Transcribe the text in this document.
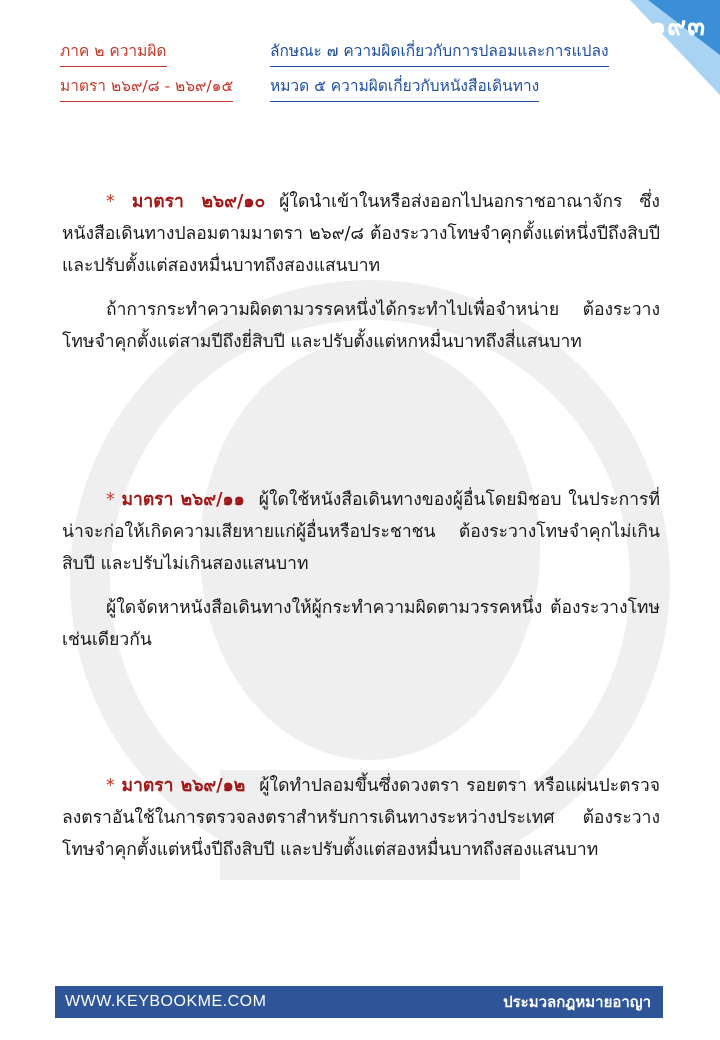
๑๙๓
ภาค ๒ ความผิด
มาตรา ๒๖๙/๘ - ๒๖๙/๑๕
ลักษณะ ๗ ความผิดเกี่ยวกับการปลอมและการแปลง
หมวด ๕ ความผิดเกี่ยวกับหนังสือเดินทาง

* มาตรา ๒๖๙/๑๐ ผู้ใดนำเข้าในหรือส่งออกไปนอกราชอาณาจักร ซึ่งหนังสือเดินทางปลอมตามมาตรา ๒๖๙/๘ ต้องระวางโทษจำคุกตั้งแต่หนึ่งปีถึงสิบปี และปรับตั้งแต่สองหมื่นบาทถึงสองแสนบาท

ถ้าการกระทำความผิดตามวรรคหนึ่งได้กระทำไปเพื่อจำหน่าย ต้องระวางโทษจำคุกตั้งแต่สามปีถึงยี่สิบปี และปรับตั้งแต่หกหมื่นบาทถึงสี่แสนบาท

* มาตรา ๒๖๙/๑๑ ผู้ใดใช้หนังสือเดินทางของผู้อื่นโดยมิชอบ ในประการที่น่าจะก่อให้เกิดความเสียหายแก่ผู้อื่นหรือประชาชน ต้องระวางโทษจำคุกไม่เกินสิบปี และปรับไม่เกินสองแสนบาท

ผู้ใดจัดหาหนังสือเดินทางให้ผู้กระทำความผิดตามวรรคหนึ่ง ต้องระวางโทษเช่นเดียวกัน

* มาตรา ๒๖๙/๑๒ ผู้ใดทำปลอมขึ้นซึ่งดวงตรา รอยตรา หรือแผ่นปะตรวจลงตราอันใช้ในการตรวจลงตราสำหรับการเดินทางระหว่างประเทศ ต้องระวางโทษจำคุกตั้งแต่หนึ่งปีถึงสิบปี และปรับตั้งแต่สองหมื่นบาทถึงสองแสนบาท

WWW.KEYBOOKME.COM	ประมวลกฎหมายอาญา
